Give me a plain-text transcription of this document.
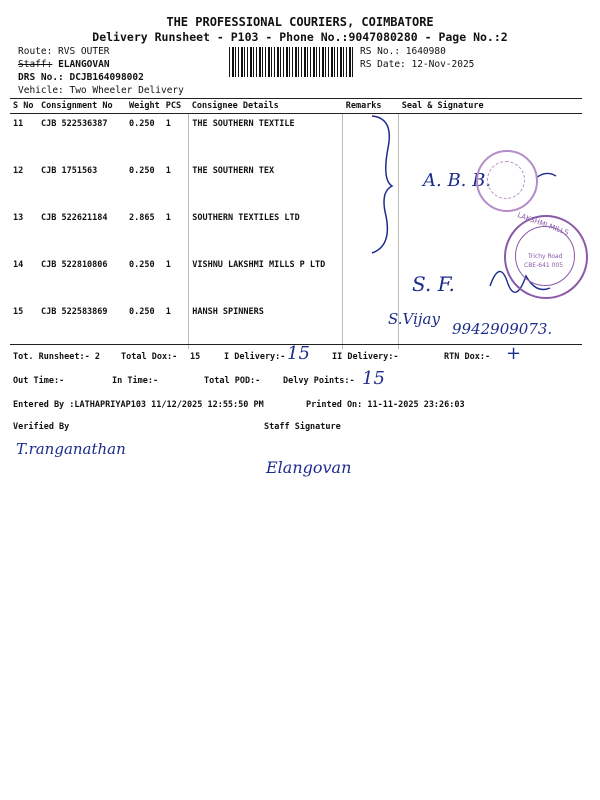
THE PROFESSIONAL COURIERS, COIMBATORE
Delivery Runsheet - P103 - Phone No.:9047080280 - Page No.:2
Route: RVS OUTER
Staff: ELANGOVAN
DRS No.: DCJB164098002
Vehicle: Two Wheeler Delivery
RS No.: 1640980
RS Date: 12-Nov-2025
S No	Consignment No	Weight	PCS	Consignee Details	Remarks	Seal & Signature
11	CJB 522536387	0.250	1	THE SOUTHERN TEXTILE		
12	CJB 1751563	0.250	1	THE SOUTHERN TEX		
13	CJB 522621184	2.865	1	SOUTHERN TEXTILES LTD		
14	CJB 522810806	0.250	1	VISHNU LAKSHMI MILLS P LTD		
15	CJB 522583869	0.250	1	HANSH SPINNERS		
Tot. Runsheet:- 2 Total Dox:- 15	I Delivery:-	II Delivery:-	RTN Dox:-
Out Time:-	In Time:-	Total POD:-	Delvy Points:-
Entered By :LATHAPRIYAP103 11/12/2025 12:55:50 PM	Printed On: 11-11-2025 23:26:03
Verified By	Staff Signature
15
15
+
A. B. B.
S. F.
S.Vijay
9942909073.
T.ranganathan
Elangovan
LAKSHMI MILLS
Trichy Road
CBE-641 005
